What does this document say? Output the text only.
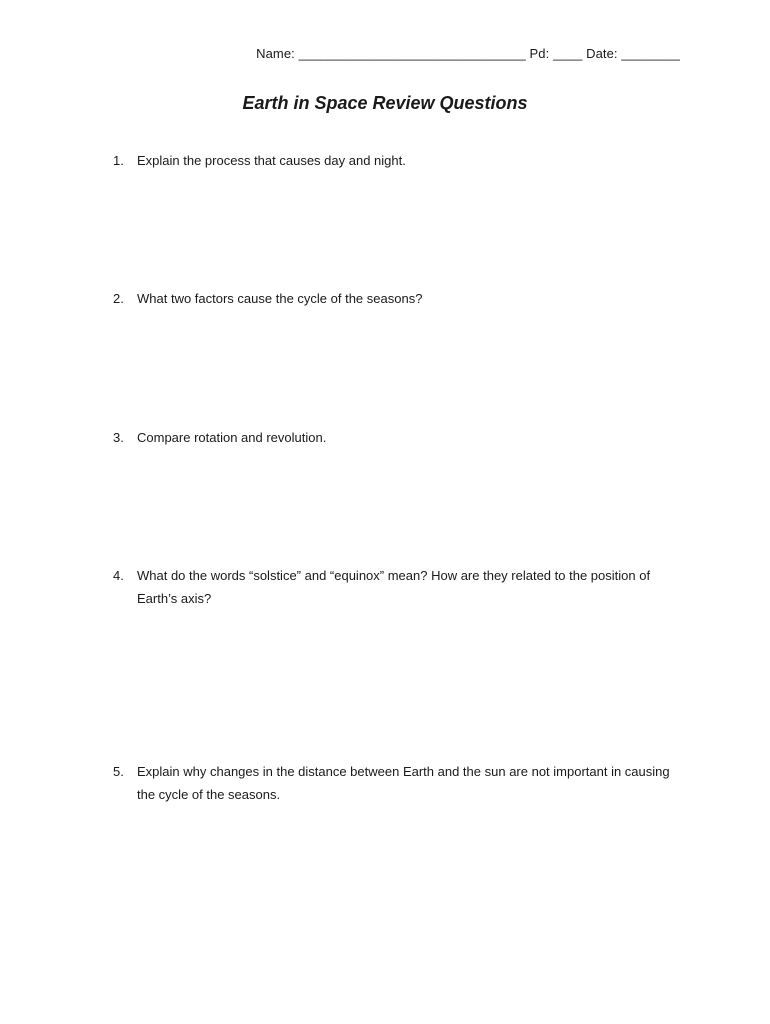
Name: _______________________________ Pd: ____ Date: ________
Earth in Space Review Questions
1.	Explain the process that causes day and night.
2.	What two factors cause the cycle of the seasons?
3.	Compare rotation and revolution.
4.	What do the words “solstice” and “equinox” mean? How are they related to the position of Earth’s axis?
5.	Explain why changes in the distance between Earth and the sun are not important in causing the cycle of the seasons.
